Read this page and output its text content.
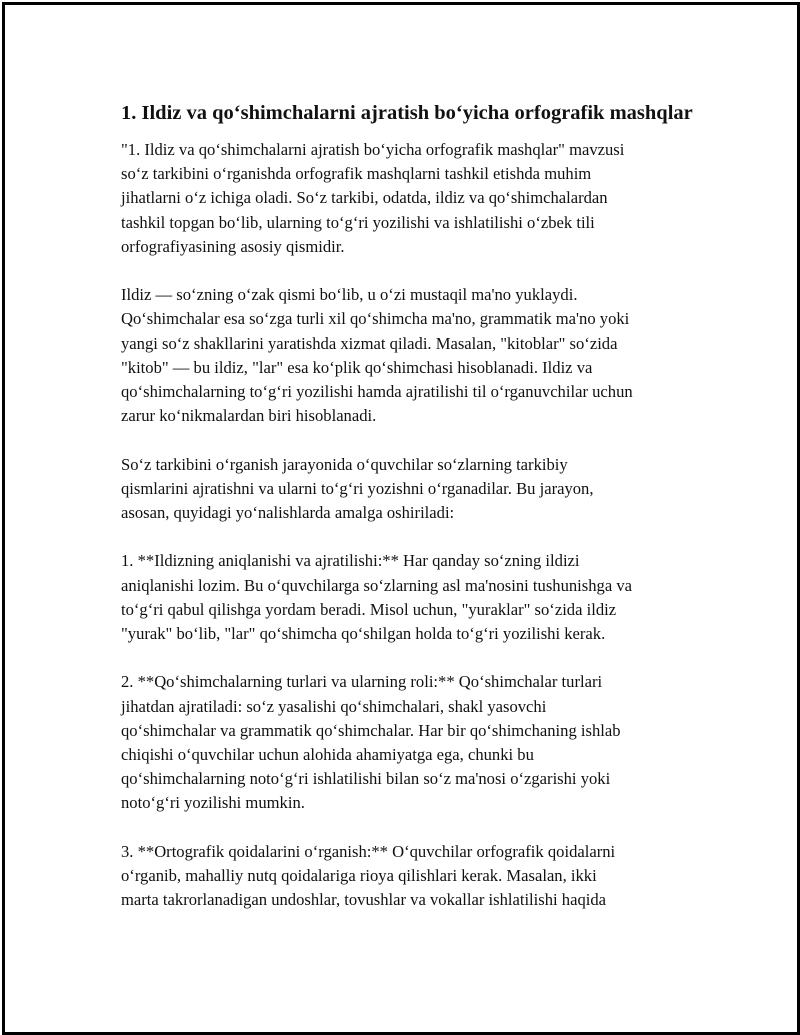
1. Ildiz va qo‘shimchalarni ajratish bo‘yicha orfografik mashqlar

"1. Ildiz va qo‘shimchalarni ajratish bo‘yicha orfografik mashqlar" mavzusi
so‘z tarkibini o‘rganishda orfografik mashqlarni tashkil etishda muhim
jihatlarni o‘z ichiga oladi. So‘z tarkibi, odatda, ildiz va qo‘shimchalardan
tashkil topgan bo‘lib, ularning to‘g‘ri yozilishi va ishlatilishi o‘zbek tili
orfografiyasining asosiy qismidir.

Ildiz — so‘zning o‘zak qismi bo‘lib, u o‘zi mustaqil ma'no yuklaydi.
Qo‘shimchalar esa so‘zga turli xil qo‘shimcha ma'no, grammatik ma'no yoki
yangi so‘z shakllarini yaratishda xizmat qiladi. Masalan, "kitoblar" so‘zida
"kitob" — bu ildiz, "lar" esa ko‘plik qo‘shimchasi hisoblanadi. Ildiz va
qo‘shimchalarning to‘g‘ri yozilishi hamda ajratilishi til o‘rganuvchilar uchun
zarur ko‘nikmalardan biri hisoblanadi.

So‘z tarkibini o‘rganish jarayonida o‘quvchilar so‘zlarning tarkibiy
qismlarini ajratishni va ularni to‘g‘ri yozishni o‘rganadilar. Bu jarayon,
asosan, quyidagi yo‘nalishlarda amalga oshiriladi:

1. **Ildizning aniqlanishi va ajratilishi:** Har qanday so‘zning ildizi
aniqlanishi lozim. Bu o‘quvchilarga so‘zlarning asl ma'nosini tushunishga va
to‘g‘ri qabul qilishga yordam beradi. Misol uchun, "yuraklar" so‘zida ildiz
"yurak" bo‘lib, "lar" qo‘shimcha qo‘shilgan holda to‘g‘ri yozilishi kerak.

2. **Qo‘shimchalarning turlari va ularning roli:** Qo‘shimchalar turlari
jihatdan ajratiladi: so‘z yasalishi qo‘shimchalari, shakl yasovchi
qo‘shimchalar va grammatik qo‘shimchalar. Har bir qo‘shimchaning ishlab
chiqishi o‘quvchilar uchun alohida ahamiyatga ega, chunki bu
qo‘shimchalarning noto‘g‘ri ishlatilishi bilan so‘z ma'nosi o‘zgarishi yoki
noto‘g‘ri yozilishi mumkin.

3. **Ortografik qoidalarini o‘rganish:** O‘quvchilar orfografik qoidalarni
o‘rganib, mahalliy nutq qoidalariga rioya qilishlari kerak. Masalan, ikki
marta takrorlanadigan undoshlar, tovushlar va vokallar ishlatilishi haqida
